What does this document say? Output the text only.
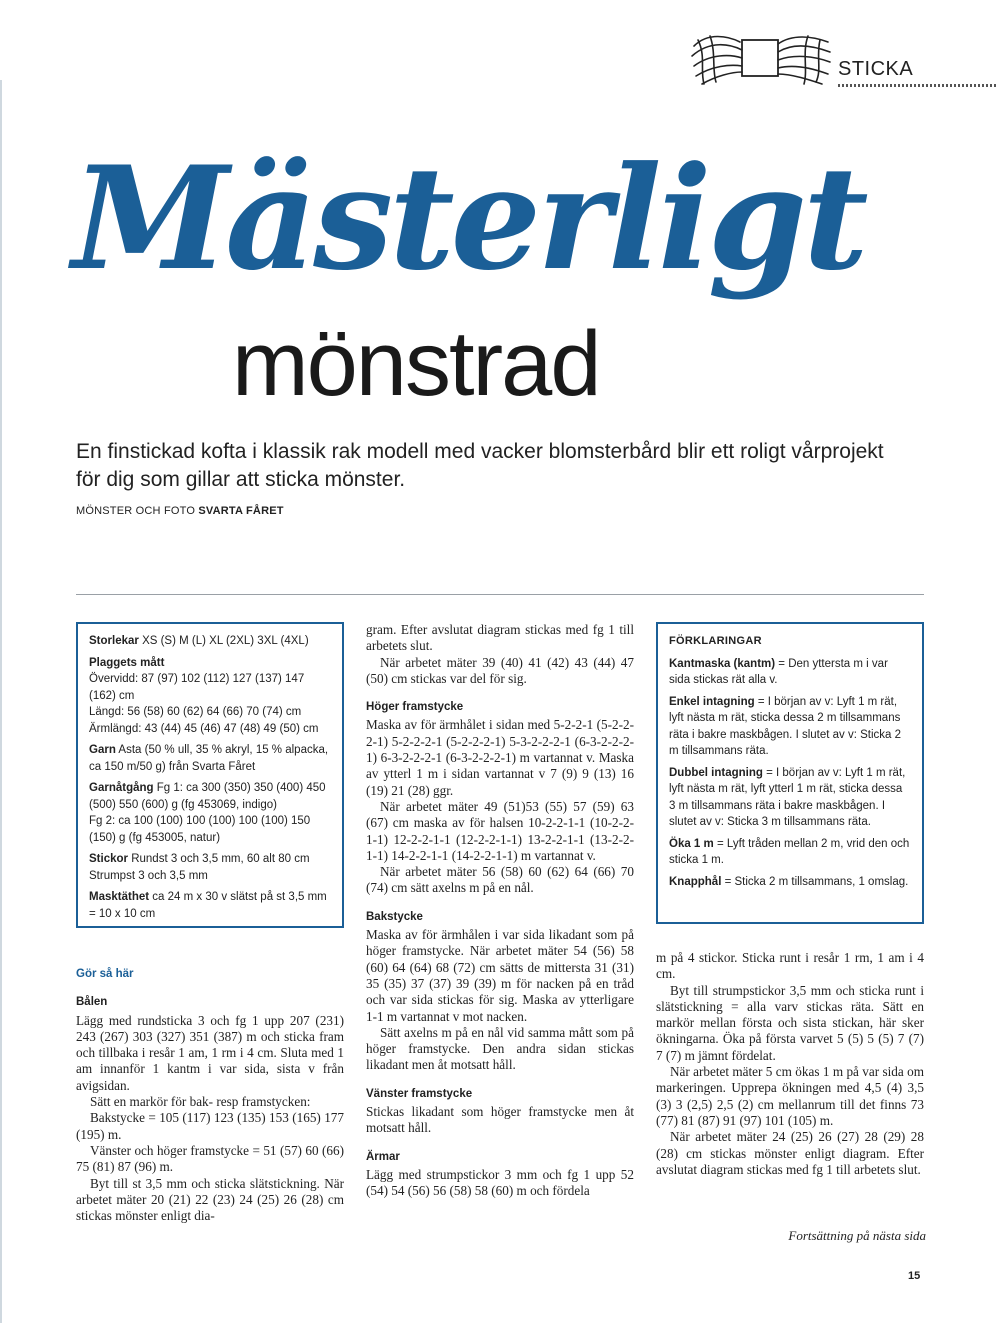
STICKA
Mästerligt
mönstrad

En finstickad kofta i klassik rak modell med vacker blomsterbård blir ett roligt vårprojekt för dig som gillar att sticka mönster.

MÖNSTER OCH FOTO SVARTA FÅRET

Storlekar XS (S) M (L) XL (2XL) 3XL (4XL)

Plaggets mått
Övervidd: 87 (97) 102 (112) 127 (137) 147 (162) cm
Längd: 56 (58) 60 (62) 64 (66) 70 (74) cm
Ärmlängd: 43 (44) 45 (46) 47 (48) 49 (50) cm

Garn Asta (50 % ull, 35 % akryl, 15 % alpacka, ca 150 m/50 g) från Svarta Fåret

Garnåtgång Fg 1: ca 300 (350) 350 (400) 450 (500) 550 (600) g (fg 453069, indigo)
Fg 2: ca 100 (100) 100 (100) 100 (100) 150 (150) g (fg 453005, natur)

Stickor Rundst 3 och 3,5 mm, 60 alt 80 cm
Strumpst 3 och 3,5 mm

Masktäthet ca 24 m x 30 v slätst på st 3,5 mm = 10 x 10 cm

FÖRKLARINGAR

Kantmaska (kantm) = Den yttersta m i var sida stickas rät alla v.

Enkel intagning = I början av v: Lyft 1 m rät, lyft nästa m rät, sticka dessa 2 m tillsammans räta i bakre maskbågen. I slutet av v: Sticka 2 m tillsammans räta.

Dubbel intagning = I början av v: Lyft 1 m rät, lyft nästa m rät, lyft ytterl 1 m rät, sticka dessa 3 m tillsammans räta i bakre maskbågen. I slutet av v: Sticka 3 m tillsammans räta.

Öka 1 m = Lyft tråden mellan 2 m, vrid den och sticka 1 m.

Knapphål = Sticka 2 m tillsammans, 1 omslag.

Gör så här
Bålen

Lägg med rundsticka 3 och fg 1 upp 207 (231) 243 (267) 303 (327) 351 (387) m och sticka fram och tillbaka i resår 1 am, 1 rm i 4 cm. Sluta med 1 am innanför 1 kantm i var sida, sista v från avigsidan.

Sätt en markör för bak- resp framstycken:

Bakstycke = 105 (117) 123 (135) 153 (165) 177 (195) m.

Vänster och höger framstycke = 51 (57) 60 (66) 75 (81) 87 (96) m.

Byt till st 3,5 mm och sticka slätstickning. När arbetet mäter 20 (21) 22 (23) 24 (25) 26 (28) cm stickas mönster enligt dia-

gram. Efter avslutat diagram stickas med fg 1 till arbetets slut.

När arbetet mäter 39 (40) 41 (42) 43 (44) 47 (50) cm stickas var del för sig.

Höger framstycke

Maska av för ärmhålet i sidan med 5-2-2-1 (5-2-2-2-1) 5-2-2-2-1 (5-2-2-2-1) 5-3-2-2-2-1 (6-3-2-2-2-1) 6-3-2-2-2-1 (6-3-2-2-2-1) m vartannat v. Maska av ytterl 1 m i sidan vartannat v 7 (9) 9 (13) 16 (19) 21 (28) ggr.

När arbetet mäter 49 (51)53 (55) 57 (59) 63 (67) cm maska av för halsen 10-2-2-1-1 (10-2-2-1-1) 12-2-2-1-1 (12-2-2-1-1) 13-2-2-1-1 (13-2-2-1-1) 14-2-2-1-1 (14-2-2-1-1) m vartannat v.

När arbetet mäter 56 (58) 60 (62) 64 (66) 70 (74) cm sätt axelns m på en nål.

Bakstycke

Maska av för ärmhålen i var sida likadant som på höger framstycke. När arbetet mäter 54 (56) 58 (60) 64 (64) 68 (72) cm sätts de mittersta 31 (31) 35 (35) 37 (37) 39 (39) m för nacken på en tråd och var sida stickas för sig. Maska av ytterligare 1-1 m vartannat v mot nacken.

Sätt axelns m på en nål vid samma mått som på höger framstycke. Den andra sidan stickas likadant men åt motsatt håll.

Vänster framstycke

Stickas likadant som höger framstycke men åt motsatt håll.

Ärmar

Lägg med strumpstickor 3 mm och fg 1 upp 52 (54) 54 (56) 56 (58) 58 (60) m och fördela

m på 4 stickor. Sticka runt i resår 1 rm, 1 am i 4 cm.

Byt till strumpstickor 3,5 mm och sticka runt i slätstickning = alla varv stickas räta. Sätt en markör mellan första och sista stickan, här sker ökningarna. Öka på första varvet 5 (5) 5 (5) 7 (7) 7 (7) m jämnt fördelat.

När arbetet mäter 5 cm ökas 1 m på var sida om markeringen. Upprepa ökningen med 4,5 (4) 3,5 (3) 3 (2,5) 2,5 (2) cm mellanrum till det finns 73 (77) 81 (87) 91 (97) 101 (105) m.

När arbetet mäter 24 (25) 26 (27) 28 (29) 28 (28) cm stickas mönster enligt diagram. Efter avslutat diagram stickas med fg 1 till arbetets slut.

Fortsättning på nästa sida
15
